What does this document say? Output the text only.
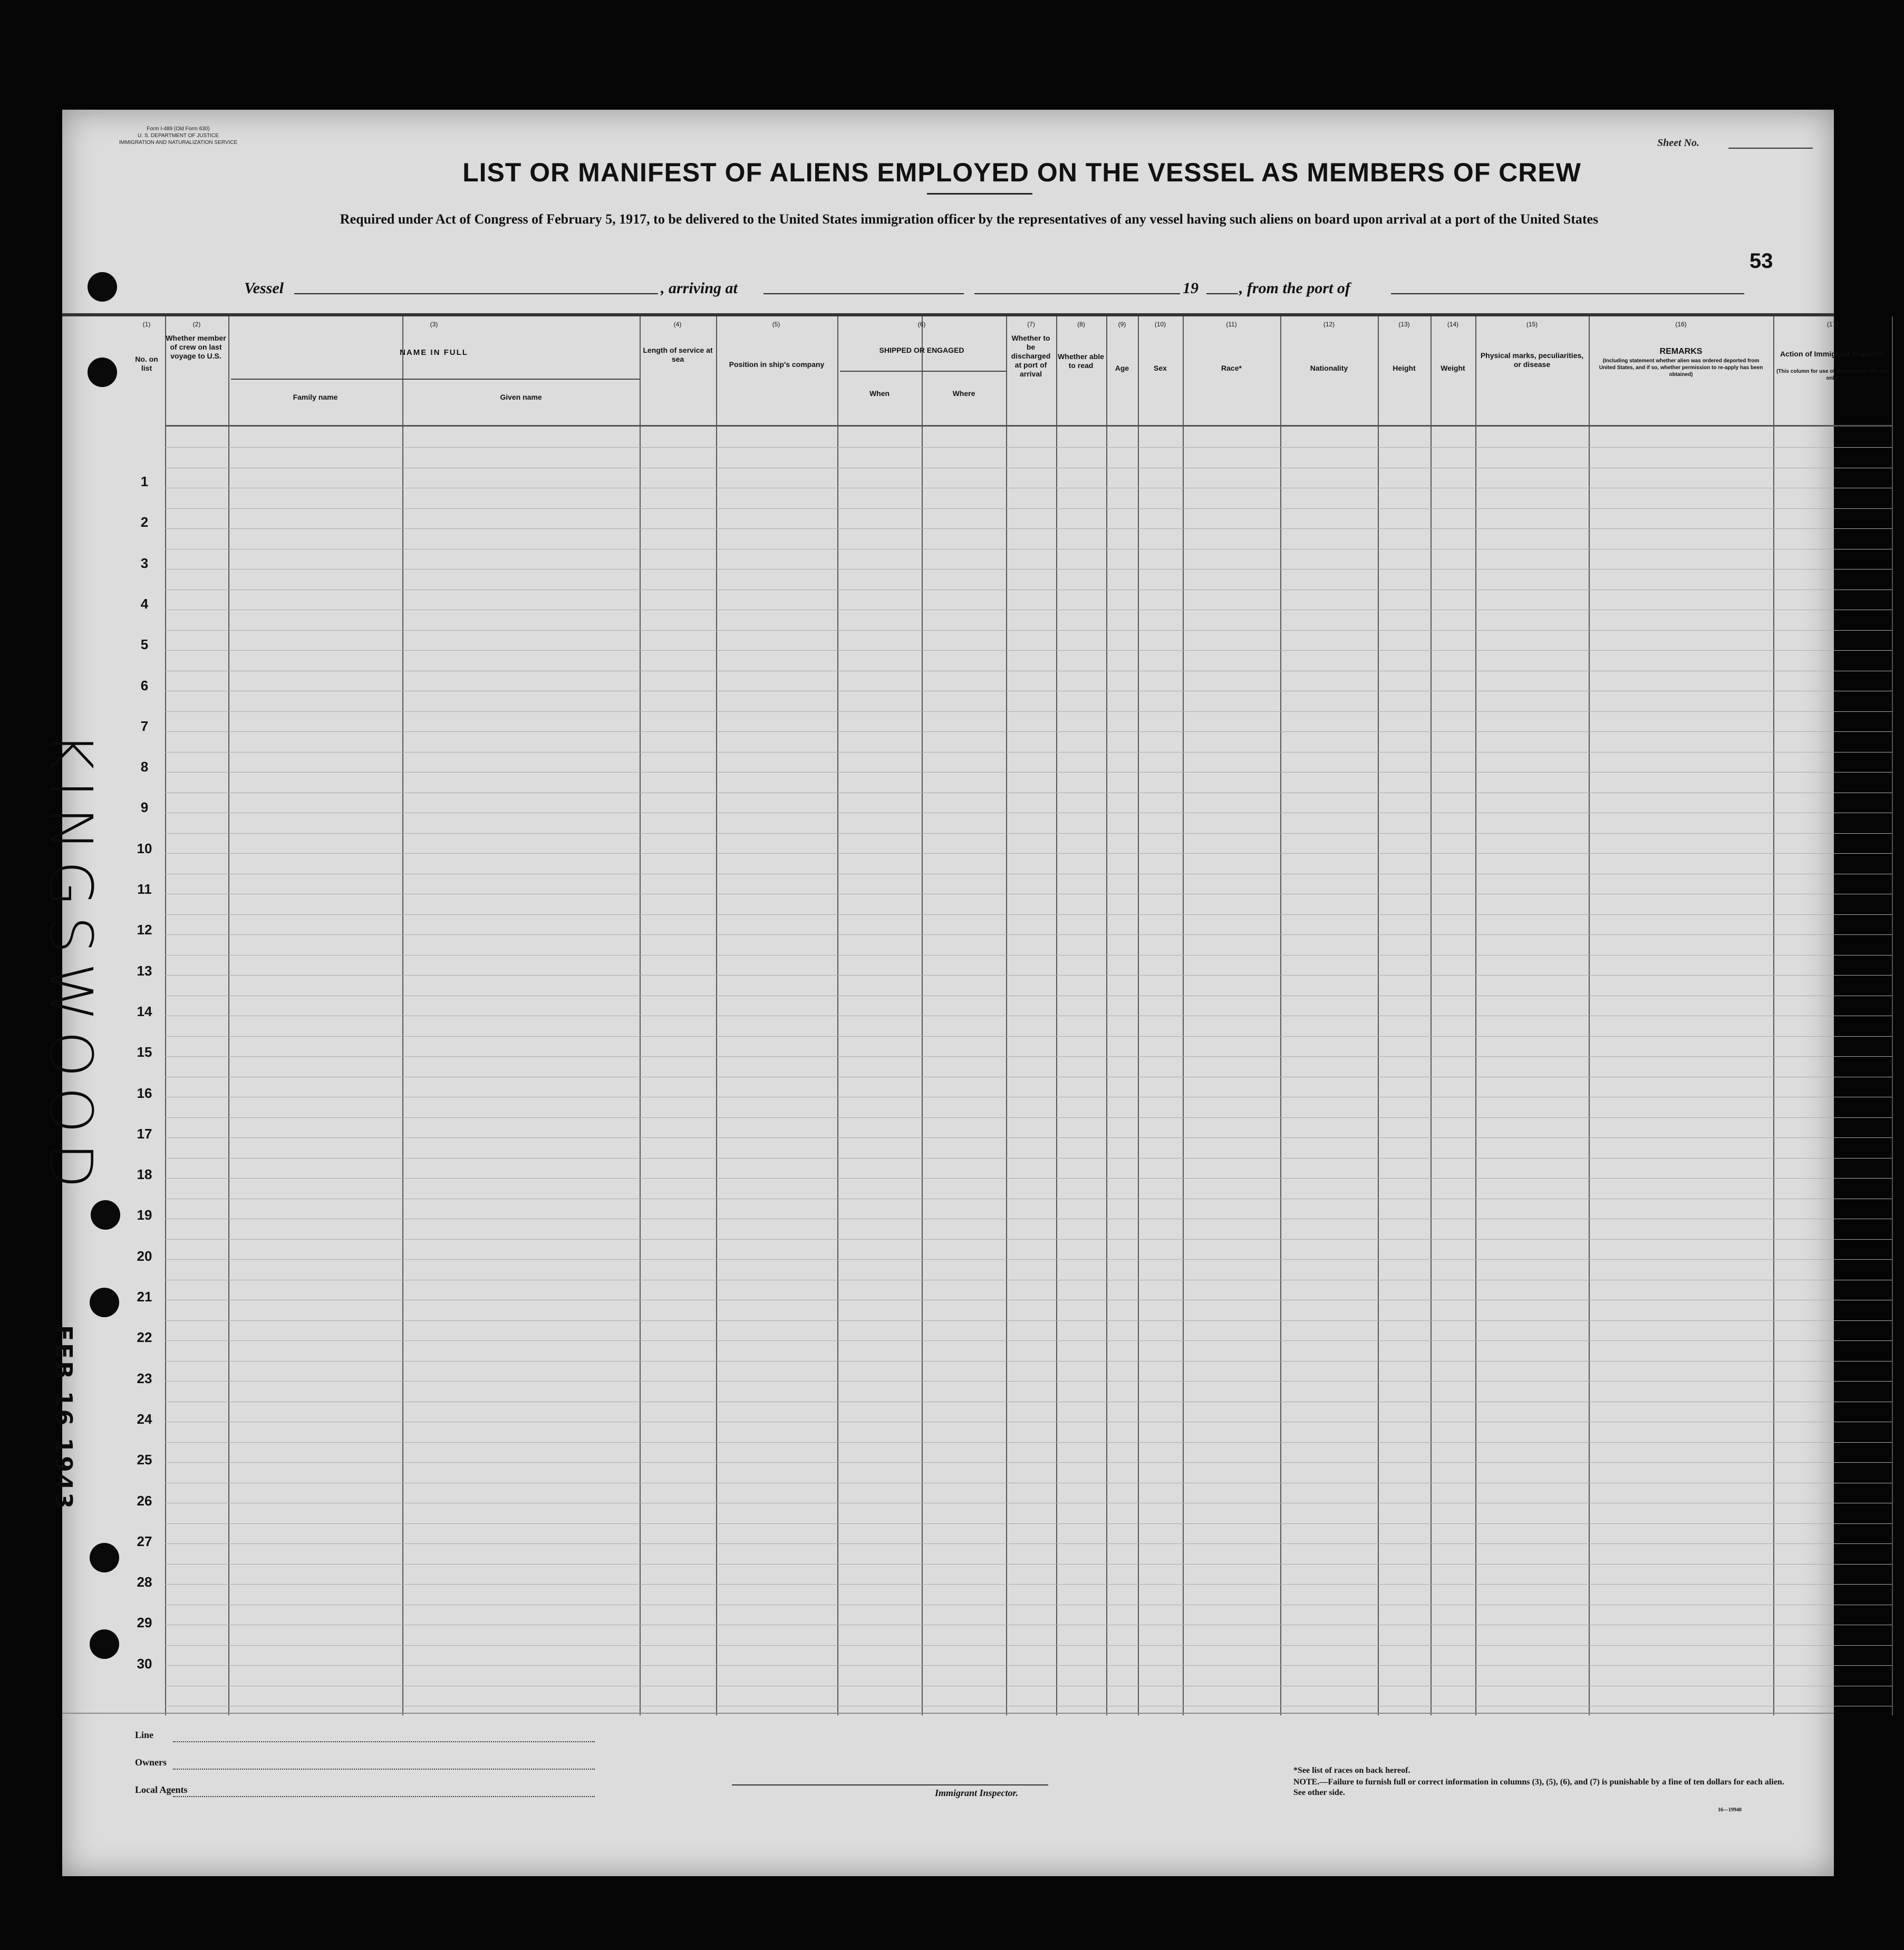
Form I-489 (Old Form 630)
U. S. DEPARTMENT OF JUSTICE
IMMIGRATION AND NATURALIZATION SERVICE	Sheet No.
LIST OR MANIFEST OF ALIENS EMPLOYED ON THE VESSEL AS MEMBERS OF CREW
Required under Act of Congress of February 5, 1917, to be delivered to the United States immigration officer by the representatives of any vessel having such aliens on board upon arrival at a port of the United States
53
Vessel	, arriving at	19	, from the port of
(1)
No. on list
(2)
Whether member of crew on last voyage to U.S.
(3)
NAME IN FULL
Family name	Given name
(4)
Length of service at sea
(5)
Position in ship's company
(6)
SHIPPED OR ENGAGED
When	Where
(7)
Whether to be discharged at port of arrival
(8)
Whether able to read
(9)
Age
(10)
Sex
(11)
Race*
(12)
Nationality
(13)
Height
(14)
Weight
(15)
Physical marks, peculiarities, or disease
(16)
REMARKS
(Including statement whether alien was ordered deported from United States, and if so, whether permission to re-apply has been obtained)
(17)
Action of Immigrant Inspector
(This column for use of Government officials only)
1
2
3
4
5
6
7
8
9
10
11
12
13
14
15
16
17
18
19
20
21
22
23
24
25
26
27
28
29
30
Line
Owners
Local Agents	Immigrant Inspector.
*See list of races on back hereof.
NOTE.—Failure to furnish full or correct information in columns (3), (5), (6), and (7) is punishable by a fine of ten dollars for each alien. See other side.
16—19940
KINGSWOOD
FEB 16 1943
